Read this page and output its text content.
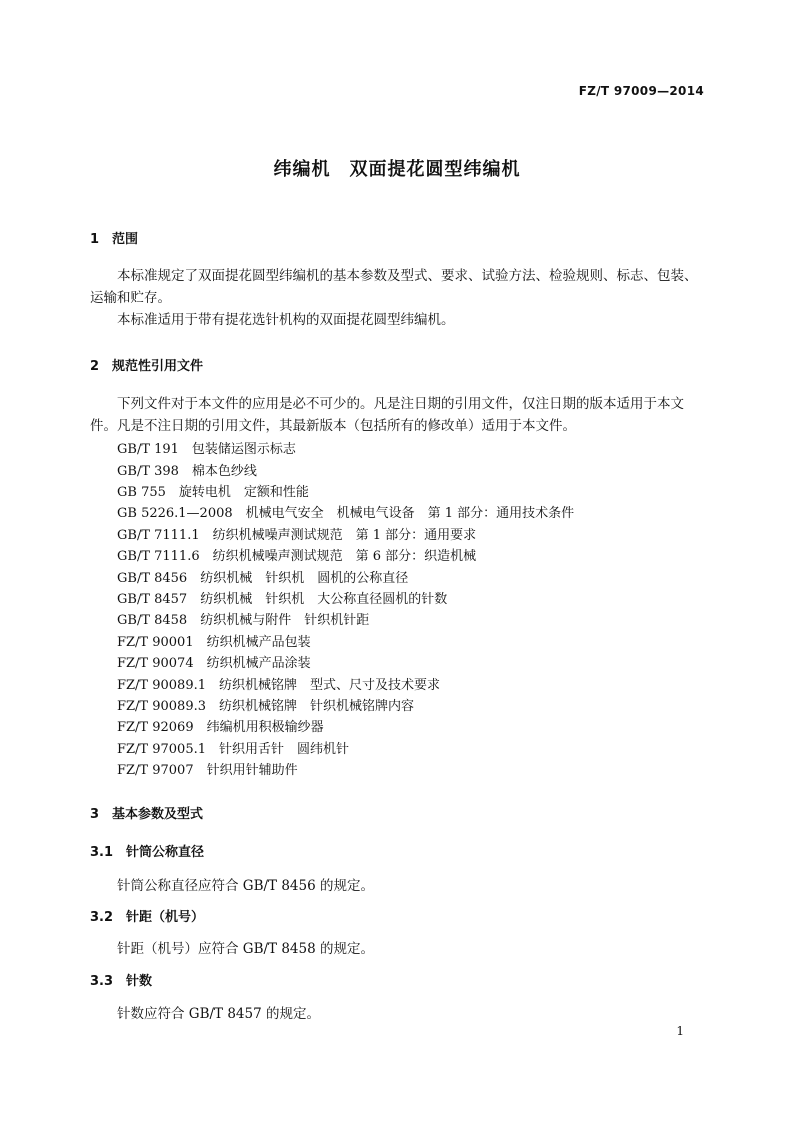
FZ/T 97009—2014
纬编机　双面提花圆型纬编机
1　范围
本标准规定了双面提花圆型纬编机的基本参数及型式、要求、试验方法、检验规则、标志、包装、运输和贮存。
本标准适用于带有提花选针机构的双面提花圆型纬编机。
2　规范性引用文件
下列文件对于本文件的应用是必不可少的。凡是注日期的引用文件，仅注日期的版本适用于本文件。凡是不注日期的引用文件，其最新版本（包括所有的修改单）适用于本文件。
GB/T 191　包装储运图示标志
GB/T 398　棉本色纱线
GB 755　旋转电机　定额和性能
GB 5226.1—2008　机械电气安全　机械电气设备　第 1 部分：通用技术条件
GB/T 7111.1　纺织机械噪声测试规范　第 1 部分：通用要求
GB/T 7111.6　纺织机械噪声测试规范　第 6 部分：织造机械
GB/T 8456　纺织机械　针织机　圆机的公称直径
GB/T 8457　纺织机械　针织机　大公称直径圆机的针数
GB/T 8458　纺织机械与附件　针织机针距
FZ/T 90001　纺织机械产品包装
FZ/T 90074　纺织机械产品涂装
FZ/T 90089.1　纺织机械铭牌　型式、尺寸及技术要求
FZ/T 90089.3　纺织机械铭牌　针织机械铭牌内容
FZ/T 92069　纬编机用积极输纱器
FZ/T 97005.1　针织用舌针　圆纬机针
FZ/T 97007　针织用针辅助件
3　基本参数及型式
3.1　针筒公称直径
针筒公称直径应符合 GB/T 8456 的规定。
3.2　针距（机号）
针距（机号）应符合 GB/T 8458 的规定。
3.3　针数
针数应符合 GB/T 8457 的规定。
1
